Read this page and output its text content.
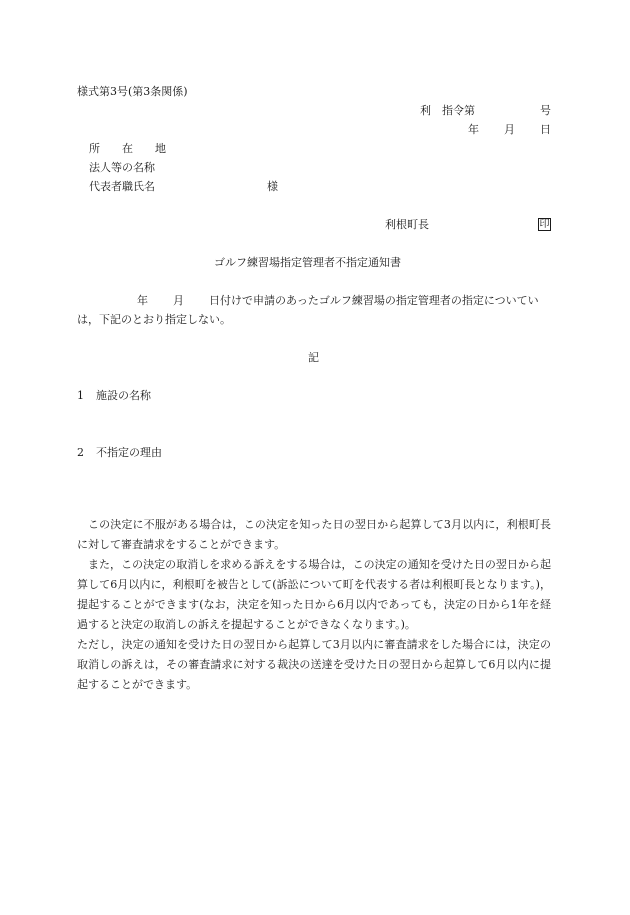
様式第3号(第3条関係)
利　指令第	号
年 月 日
所　　在　　地
法人等の名称
代表者職氏名	様
利根町長	印
ゴルフ練習場指定管理者不指定通知書
年 月 日付けで申請のあったゴルフ練習場の指定管理者の指定についてい
は，下記のとおり指定しない。
記
1 施設の名称
2 不指定の理由
この決定に不服がある場合は，この決定を知った日の翌日から起算して3月以内に，利根町長に対して審査請求をすることができます。
また，この決定の取消しを求める訴えをする場合は，この決定の通知を受けた日の翌日から起算して6月以内に，利根町を被告として(訴訟について町を代表する者は利根町長となります。)，提起することができます(なお，決定を知った日から6月以内であっても，決定の日から1年を経過すると決定の取消しの訴えを提起することができなくなります。)。
ただし，決定の通知を受けた日の翌日から起算して3月以内に審査請求をした場合には，決定の取消しの訴えは，その審査請求に対する裁決の送達を受けた日の翌日から起算して6月以内に提起することができます。
